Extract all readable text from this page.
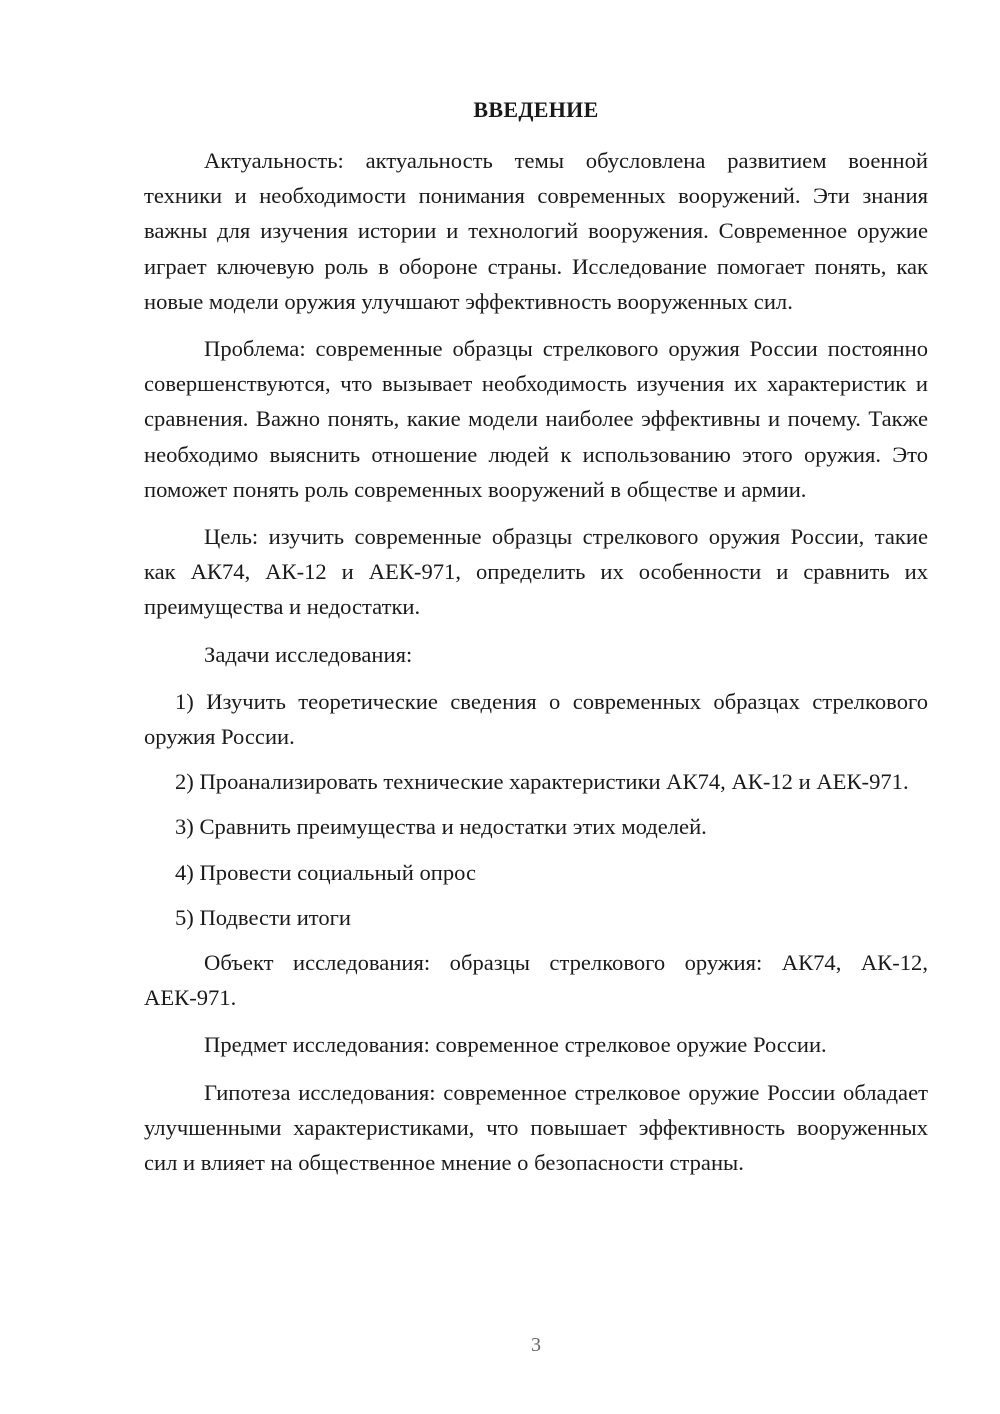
ВВЕДЕНИЕ

Актуальность: актуальность темы обусловлена развитием военной техники и необходимости понимания современных вооружений. Эти знания важны для изучения истории и технологий вооружения. Современное оружие играет ключевую роль в обороне страны. Исследование помогает понять, как новые модели оружия улучшают эффективность вооруженных сил.

Проблема: современные образцы стрелкового оружия России постоянно совершенствуются, что вызывает необходимость изучения их характеристик и сравнения. Важно понять, какие модели наиболее эффективны и почему. Также необходимо выяснить отношение людей к использованию этого оружия. Это поможет понять роль современных вооружений в обществе и армии.

Цель: изучить современные образцы стрелкового оружия России, такие как АК74, АК-12 и АЕК-971, определить их особенности и сравнить их преимущества и недостатки.

Задачи исследования:

1) Изучить теоретические сведения о современных образцах стрелкового оружия России.

2) Проанализировать технические характеристики АК74, АК-12 и АЕК-971.

3) Сравнить преимущества и недостатки этих моделей.

4) Провести социальный опрос

5) Подвести итоги

Объект исследования: образцы стрелкового оружия: АК74, АК-12, АЕК-971.

Предмет исследования: современное стрелковое оружие России.

Гипотеза исследования: современное стрелковое оружие России обладает улучшенными характеристиками, что повышает эффективность вооруженных сил и влияет на общественное мнение о безопасности страны.

3
